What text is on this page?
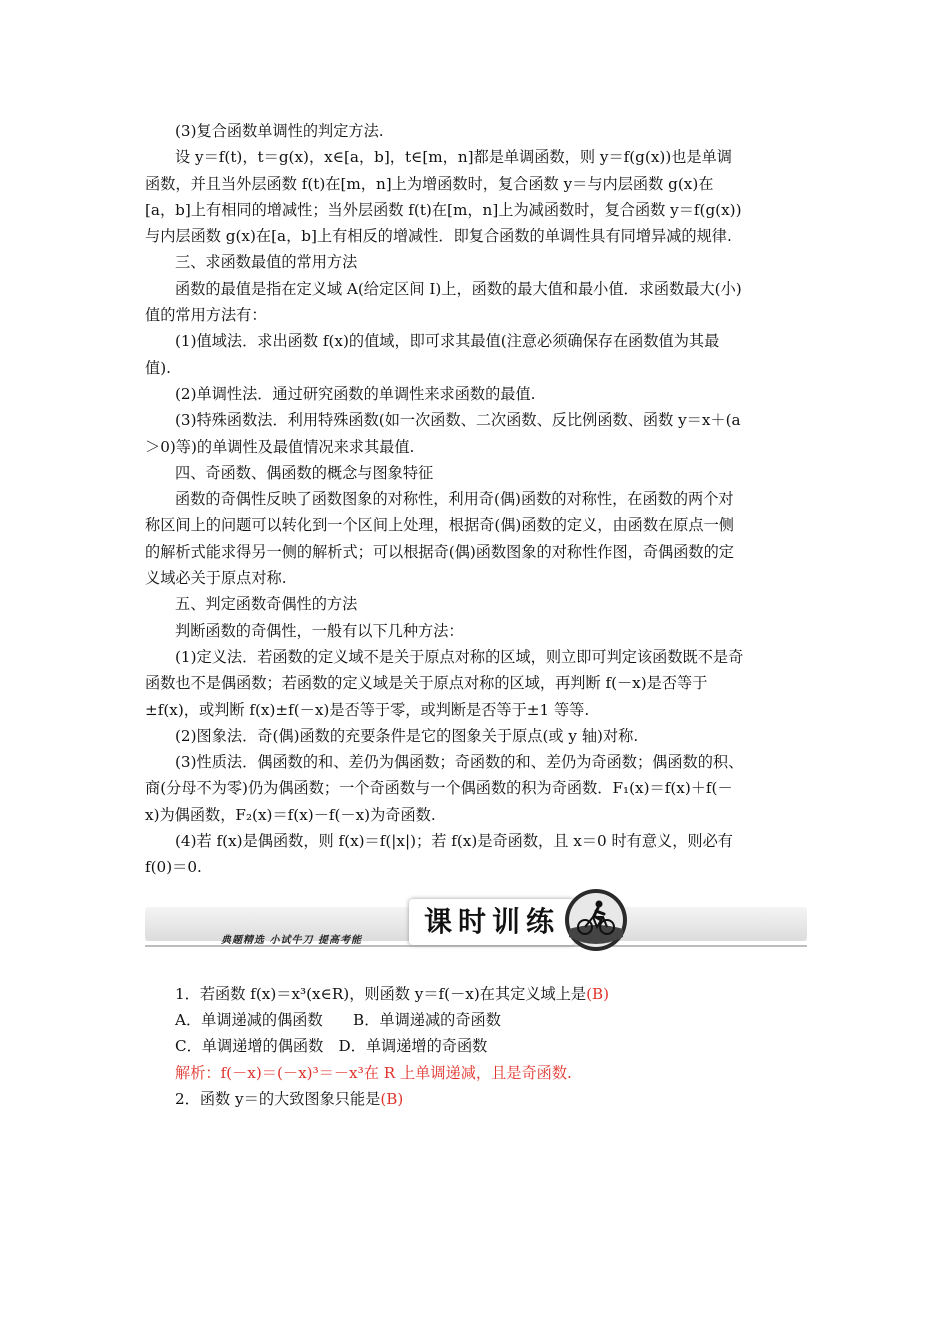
(3)复合函数单调性的判定方法.
设 y＝f(t)，t＝g(x)，x∈[a，b]，t∈[m，n]都是单调函数，则 y＝f(g(x))也是单调
函数，并且当外层函数 f(t)在[m，n]上为增函数时，复合函数 y＝与内层函数 g(x)在
[a，b]上有相同的增减性；当外层函数 f(t)在[m，n]上为减函数时，复合函数 y＝f(g(x))
与内层函数 g(x)在[a，b]上有相反的增减性．即复合函数的单调性具有同增异减的规律.
三、求函数最值的常用方法
函数的最值是指在定义域 A(给定区间 I)上，函数的最大值和最小值．求函数最大(小)
值的常用方法有：
(1)值域法．求出函数 f(x)的值域，即可求其最值(注意必须确保存在函数值为其最
值).
(2)单调性法．通过研究函数的单调性来求函数的最值.
(3)特殊函数法．利用特殊函数(如一次函数、二次函数、反比例函数、函数 y＝x＋(a
＞0)等)的单调性及最值情况来求其最值.
四、奇函数、偶函数的概念与图象特征
函数的奇偶性反映了函数图象的对称性，利用奇(偶)函数的对称性，在函数的两个对
称区间上的问题可以转化到一个区间上处理，根据奇(偶)函数的定义，由函数在原点一侧
的解析式能求得另一侧的解析式；可以根据奇(偶)函数图象的对称性作图，奇偶函数的定
义域必关于原点对称.
五、判定函数奇偶性的方法
判断函数的奇偶性，一般有以下几种方法：
(1)定义法．若函数的定义域不是关于原点对称的区域，则立即可判定该函数既不是奇
函数也不是偶函数；若函数的定义域是关于原点对称的区域，再判断 f(－x)是否等于
±f(x)，或判断 f(x)±f(－x)是否等于零，或判断是否等于±1 等等.
(2)图象法．奇(偶)函数的充要条件是它的图象关于原点(或 y 轴)对称.
(3)性质法．偶函数的和、差仍为偶函数；奇函数的和、差仍为奇函数；偶函数的积、
商(分母不为零)仍为偶函数；一个奇函数与一个偶函数的积为奇函数．F₁(x)＝f(x)＋f(－
x)为偶函数，F₂(x)＝f(x)－f(－x)为奇函数.
(4)若 f(x)是偶函数，则 f(x)＝f(|x|)；若 f(x)是奇函数，且 x＝0 时有意义，则必有
f(0)＝0.
典题精选 小试牛刀 提高考能
课时训练
1．若函数 f(x)＝x³(x∈R)，则函数 y＝f(－x)在其定义域上是(B)
A．单调递减的偶函数　　B．单调递减的奇函数
C．单调递增的偶函数　D．单调递增的奇函数
解析：f(－x)＝(－x)³＝－x³在 R 上单调递减，且是奇函数.
2．函数 y＝的大致图象只能是(B)
